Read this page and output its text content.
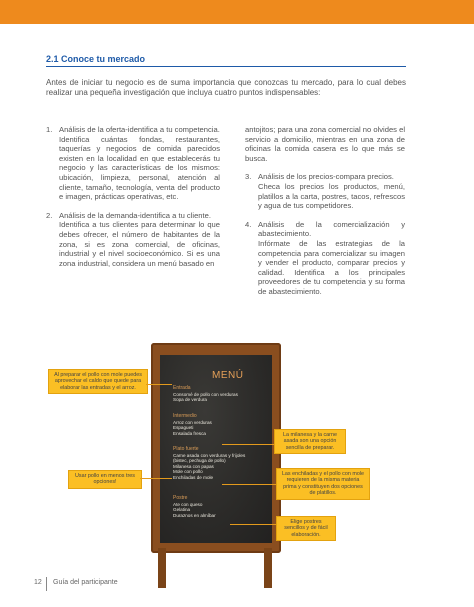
2.1 Conoce tu mercado
Antes de iniciar tu negocio es de suma importancia que conozcas tu mercado, para lo cual debes realizar una pequeña investigación que incluya cuatro puntos indispensables:
1. Análisis de la oferta-identifica a tu competencia.

Identifica cuántas fondas, restaurantes, taquerías y negocios de comida parecidos existen en la localidad en que establecerás tu negocio y las características de los mismos: ubicación, limpieza, personal, atención al cliente, tamaño, tecnología, venta del producto e imagen, prácticas operativas, etc.

2. Análisis de la demanda-identifica a tu cliente.

Identifica a tus clientes para determinar lo que debes ofrecer, el número de habitantes de la zona, si es zona comercial, de oficinas, industrial y el nivel socioeconómico. Si es una zona industrial, considera un menú basado en

antojitos; para una zona comercial no olvides el servicio a domicilio, mientras en una zona de oficinas la comida casera es lo que más se busca.

3. Análisis de los precios-compara precios.

Checa los precios los productos, menú, platillos a la carta, postres, tacos, refrescos y agua de tus competidores.

4. Análisis de la comercialización y abastecimiento.

Infórmate de las estrategias de la competencia para comercializar su imagen y vender el producto, comparar precios y calidad. Identifica a los principales proveedores de tu competencia y su forma de abastecimiento.

MENÚ
Entrada
Consomé de pollo con verduras
Sopa de verdura
Intermedio
Arroz con verduras
Espagueti
Ensalada fresca
Plato fuerte
Carne asada con verduras y frijoles
(bistec, pechuga de pollo)
Milanesa con papas
Mole con pollo
Enchiladas de mole
Postre
Ate con queso
Gelatina
Duraznos en almíbar
Al preparar el pollo con mole puedes aprovechar el caldo que quede para elaborar las entradas y el arroz.
Usar pollo en menos tres opciones!
La milanesa y la carne asada son una opción sencilla de preparar.
Las enchiladas y el pollo con mole requieren de la misma materia prima y constituyen dos opciones de platillos.
Elige postres sencillos y de fácil elaboración.
12 Guía del participante
